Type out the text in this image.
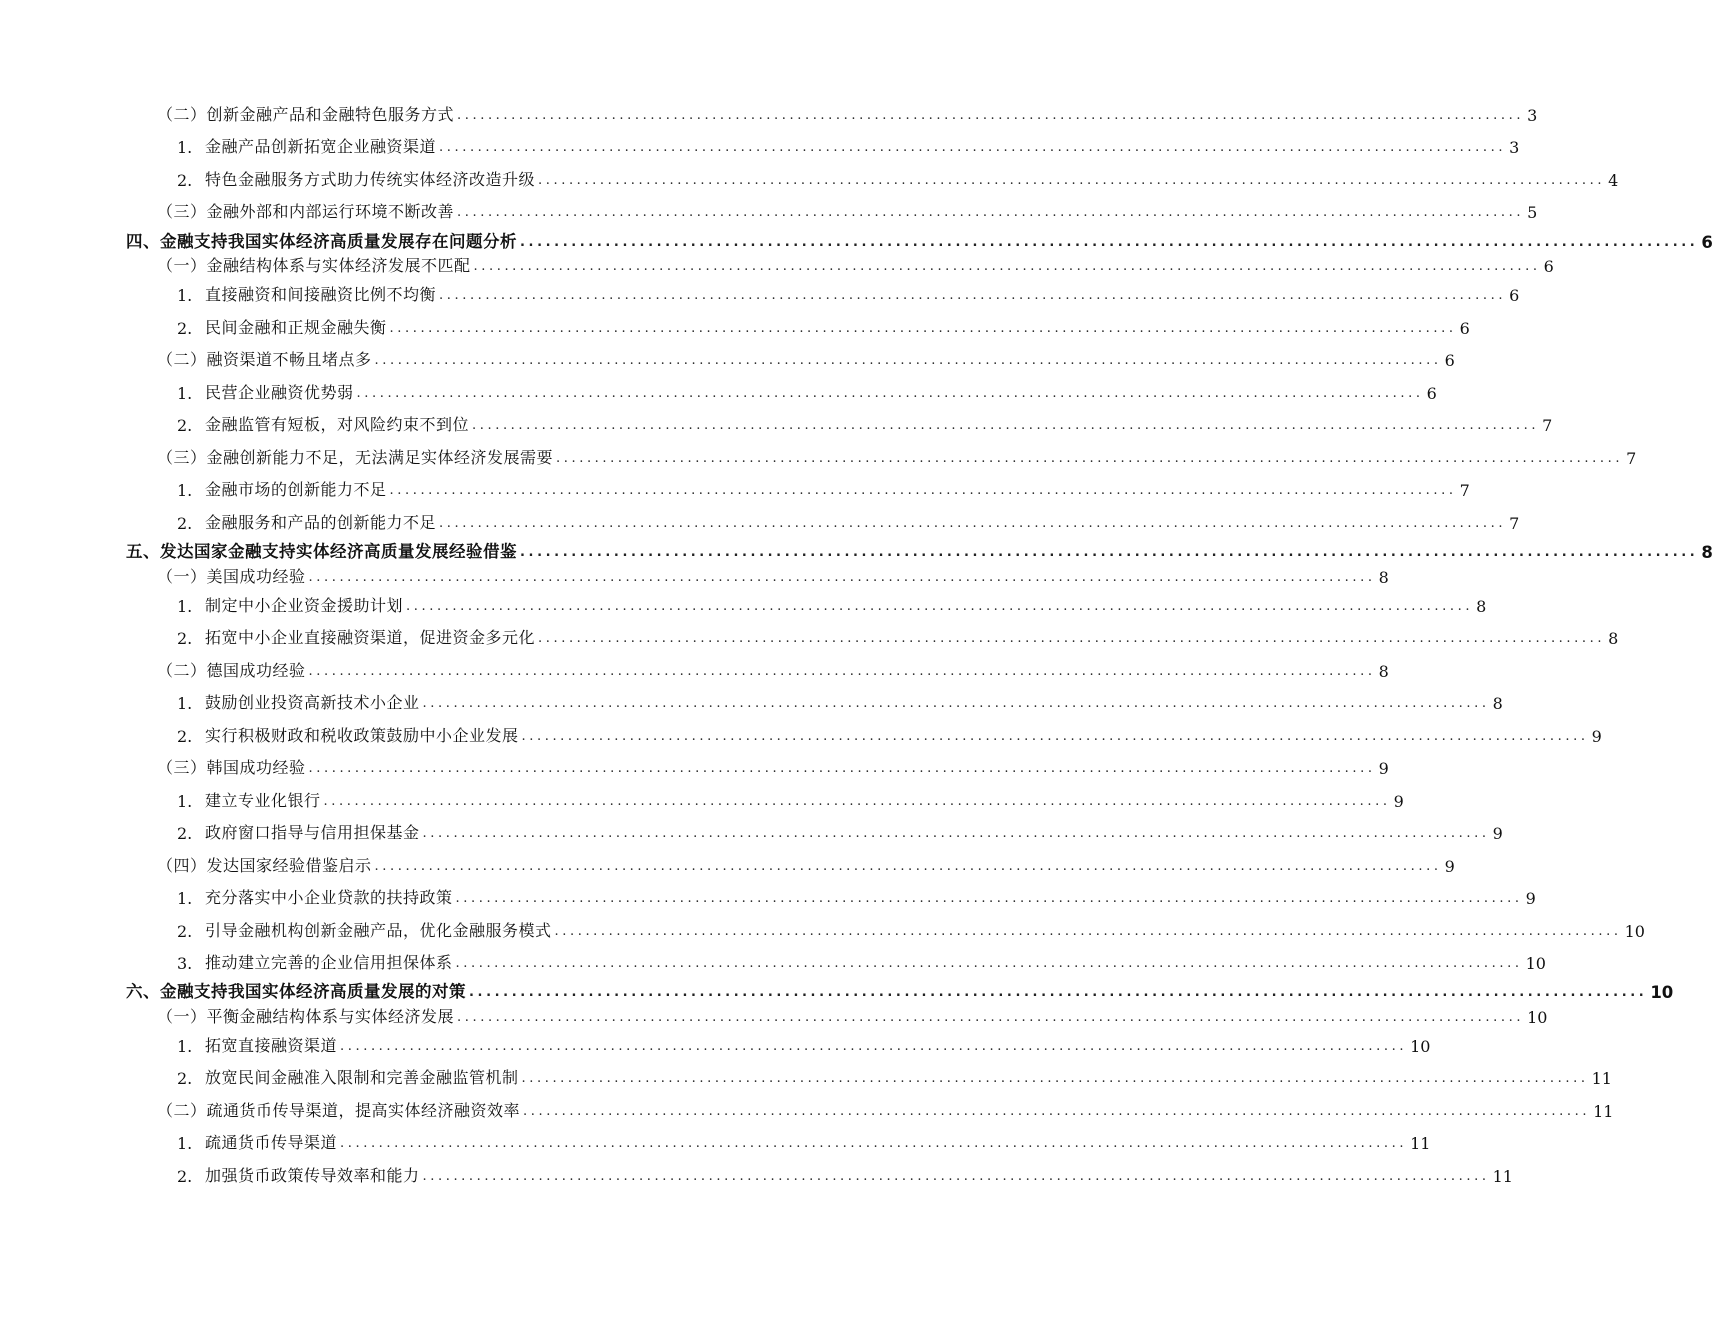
（二）创新金融产品和金融特色服务方式 .......................................................................................................................................... 3
1. 金融产品创新拓宽企业融资渠道 .......................................................................................................................................... 3
2. 特色金融服务方式助力传统实体经济改造升级 .......................................................................................................................................... 4
（三）金融外部和内部运行环境不断改善 .......................................................................................................................................... 5
四、金融支持我国实体经济高质量发展存在问题分析 .......................................................................................................................................... 6
（一）金融结构体系与实体经济发展不匹配 .......................................................................................................................................... 6
1. 直接融资和间接融资比例不均衡 .......................................................................................................................................... 6
2. 民间金融和正规金融失衡 .......................................................................................................................................... 6
（二）融资渠道不畅且堵点多 .......................................................................................................................................... 6
1. 民营企业融资优势弱 .......................................................................................................................................... 6
2. 金融监管有短板，对风险约束不到位 .......................................................................................................................................... 7
（三）金融创新能力不足，无法满足实体经济发展需要 .......................................................................................................................................... 7
1. 金融市场的创新能力不足 .......................................................................................................................................... 7
2. 金融服务和产品的创新能力不足 .......................................................................................................................................... 7
五、发达国家金融支持实体经济高质量发展经验借鉴 .......................................................................................................................................... 8
（一）美国成功经验 .......................................................................................................................................... 8
1. 制定中小企业资金援助计划 .......................................................................................................................................... 8
2. 拓宽中小企业直接融资渠道，促进资金多元化 .......................................................................................................................................... 8
（二）德国成功经验 .......................................................................................................................................... 8
1. 鼓励创业投资高新技术小企业 .......................................................................................................................................... 8
2. 实行积极财政和税收政策鼓励中小企业发展 .......................................................................................................................................... 9
（三）韩国成功经验 .......................................................................................................................................... 9
1. 建立专业化银行 .......................................................................................................................................... 9
2. 政府窗口指导与信用担保基金 .......................................................................................................................................... 9
（四）发达国家经验借鉴启示 .......................................................................................................................................... 9
1. 充分落实中小企业贷款的扶持政策 .......................................................................................................................................... 9
2. 引导金融机构创新金融产品，优化金融服务模式 .......................................................................................................................................... 10
3. 推动建立完善的企业信用担保体系 .......................................................................................................................................... 10
六、金融支持我国实体经济高质量发展的对策 .......................................................................................................................................... 10
（一）平衡金融结构体系与实体经济发展 .......................................................................................................................................... 10
1. 拓宽直接融资渠道 .......................................................................................................................................... 10
2. 放宽民间金融准入限制和完善金融监管机制 .......................................................................................................................................... 11
（二）疏通货币传导渠道，提高实体经济融资效率 .......................................................................................................................................... 11
1. 疏通货币传导渠道 .......................................................................................................................................... 11
2. 加强货币政策传导效率和能力 .......................................................................................................................................... 11
